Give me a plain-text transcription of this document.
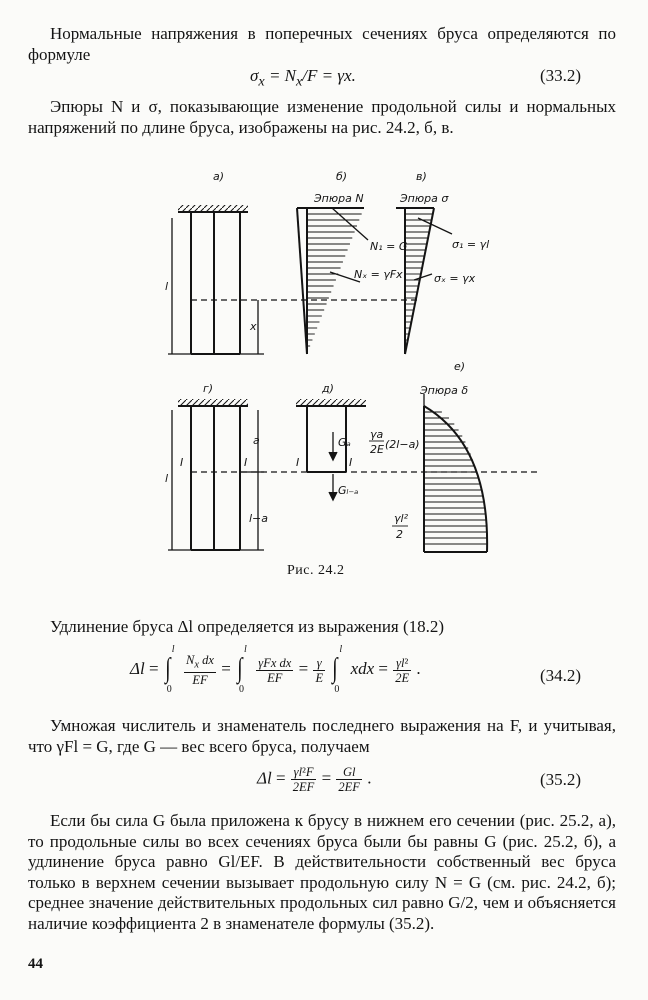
Нормальные напряжения в поперечных сечениях бруса определяются по формуле
$\sigma_x = N_x/F = \gamma x$.	(33.2)
Эпюры N и σ, показывающие изменение продольной силы и нормальных напряжений по длине бруса, изображены на рис. 24.2, б, в.
a)	б)	в)
Эпюра N	Эпюра σ
N₁ = G
Nₓ = γFx
σ₁ = γl
σₓ = γx
l
x
е)
г)	д)	Эпюра δ
l
a
l−a
I	I	I	I
Gₐ
Gₗ₋ₐ
γa
2E (2l−a)
γl²
2
Рис. 24.2
Удлинение бруса Δl определяется из выражения (18.2)
Δl = ∫
l
0

$\frac{N_x dx}{EF}$ = ∫
l
0

$\frac{\text{γFx dx}}{EF} = \frac{\gamma}{E}$
∫
l
0
xdx = $\frac{\text{γl²}}{2E}$ .	(34.2)
Умножая числитель и знаменатель последнего выражения на F, и учитывая, что γFl = G, где G — вес всего бруса, получаем
$\Delta l = \frac{\text{γl²F}}{2EF} = \frac{Gl}{2EF}$ .	(35.2)
Если бы сила G была приложена к брусу в нижнем его сечении (рис. 25.2, а), то продольные силы во всех сечениях бруса были бы равны G (рис. 25.2, б), а удлинение бруса равно Gl/EF. В действительности собственный вес бруса только в верхнем сечении вызывает продольную силу N = G (см. рис. 24.2, б); среднее значение действительных продольных сил равно G/2, чем и объясняется наличие коэффициента 2 в знаменателе формулы (35.2).
44
